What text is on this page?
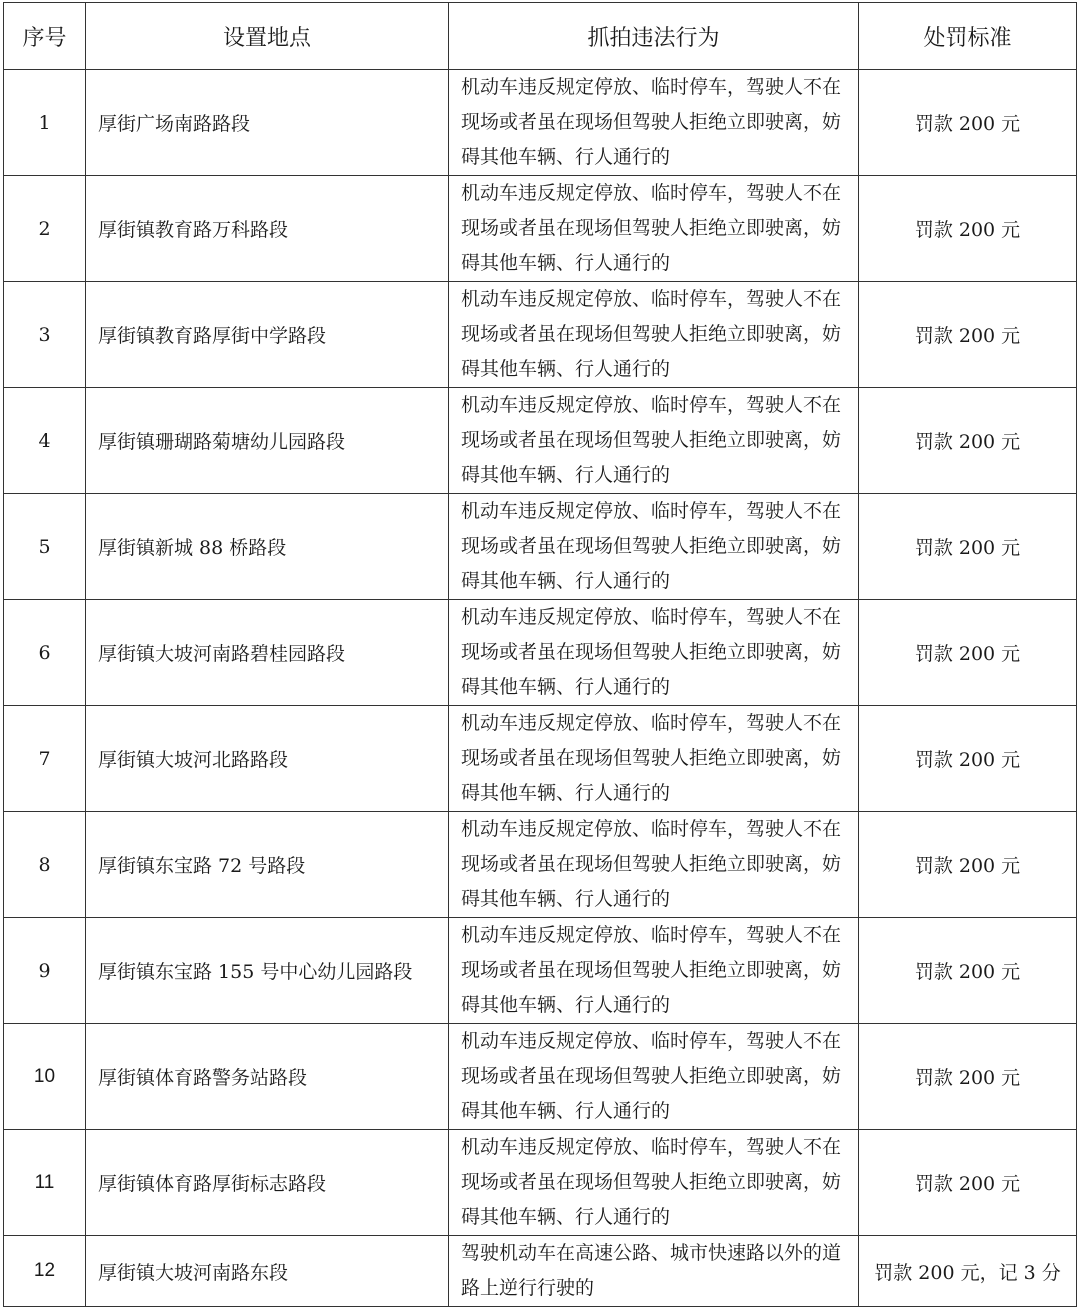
序号	设置地点	抓拍违法行为	处罚标准
1	厚街广场南路路段	机动车违反规定停放、临时停车，驾驶人不在现场或者虽在现场但驾驶人拒绝立即驶离，妨碍其他车辆、行人通行的	罚款 200 元
2	厚街镇教育路万科路段	机动车违反规定停放、临时停车，驾驶人不在现场或者虽在现场但驾驶人拒绝立即驶离，妨碍其他车辆、行人通行的	罚款 200 元
3	厚街镇教育路厚街中学路段	机动车违反规定停放、临时停车，驾驶人不在现场或者虽在现场但驾驶人拒绝立即驶离，妨碍其他车辆、行人通行的	罚款 200 元
4	厚街镇珊瑚路菊塘幼儿园路段	机动车违反规定停放、临时停车，驾驶人不在现场或者虽在现场但驾驶人拒绝立即驶离，妨碍其他车辆、行人通行的	罚款 200 元
5	厚街镇新城 88 桥路段	机动车违反规定停放、临时停车，驾驶人不在现场或者虽在现场但驾驶人拒绝立即驶离，妨碍其他车辆、行人通行的	罚款 200 元
6	厚街镇大坡河南路碧桂园路段	机动车违反规定停放、临时停车，驾驶人不在现场或者虽在现场但驾驶人拒绝立即驶离，妨碍其他车辆、行人通行的	罚款 200 元
7	厚街镇大坡河北路路段	机动车违反规定停放、临时停车，驾驶人不在现场或者虽在现场但驾驶人拒绝立即驶离，妨碍其他车辆、行人通行的	罚款 200 元
8	厚街镇东宝路 72 号路段	机动车违反规定停放、临时停车，驾驶人不在现场或者虽在现场但驾驶人拒绝立即驶离，妨碍其他车辆、行人通行的	罚款 200 元
9	厚街镇东宝路 155 号中心幼儿园路段	机动车违反规定停放、临时停车，驾驶人不在现场或者虽在现场但驾驶人拒绝立即驶离，妨碍其他车辆、行人通行的	罚款 200 元
10	厚街镇体育路警务站路段	机动车违反规定停放、临时停车，驾驶人不在现场或者虽在现场但驾驶人拒绝立即驶离，妨碍其他车辆、行人通行的	罚款 200 元
11	厚街镇体育路厚街标志路段	机动车违反规定停放、临时停车，驾驶人不在现场或者虽在现场但驾驶人拒绝立即驶离，妨碍其他车辆、行人通行的	罚款 200 元
12	厚街镇大坡河南路东段	驾驶机动车在高速公路、城市快速路以外的道路上逆行行驶的	罚款 200 元，记 3 分
